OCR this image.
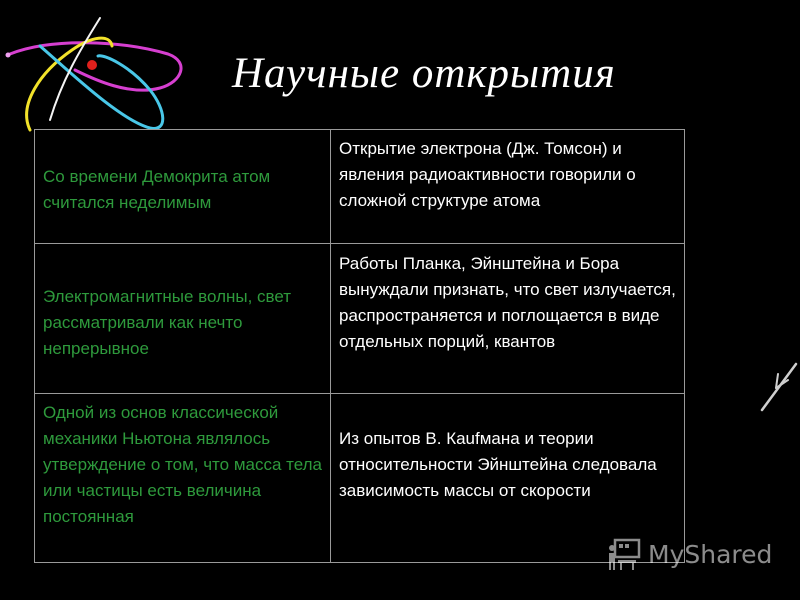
Научные открытия
Со времени Демокрита атом считался неделимым	Открытие электрона (Дж. Томсон) и явления радиоактивности говорили о сложной структуре атома

Электромагнитные волны, свет рассматривали как нечто непрерывное	Работы Планка, Эйнштейна и Бора вынуждали признать, что свет излучается, распространяется и поглощается в виде отдельных порций, квантов

Одной из основ классической механики Ньютона являлось утверждение о том, что масса тела или частицы есть величина постоянная	Из опытов В. Каufмана и теории относительности Эйнштейна следовала зависимость массы от скорости
MyShared
